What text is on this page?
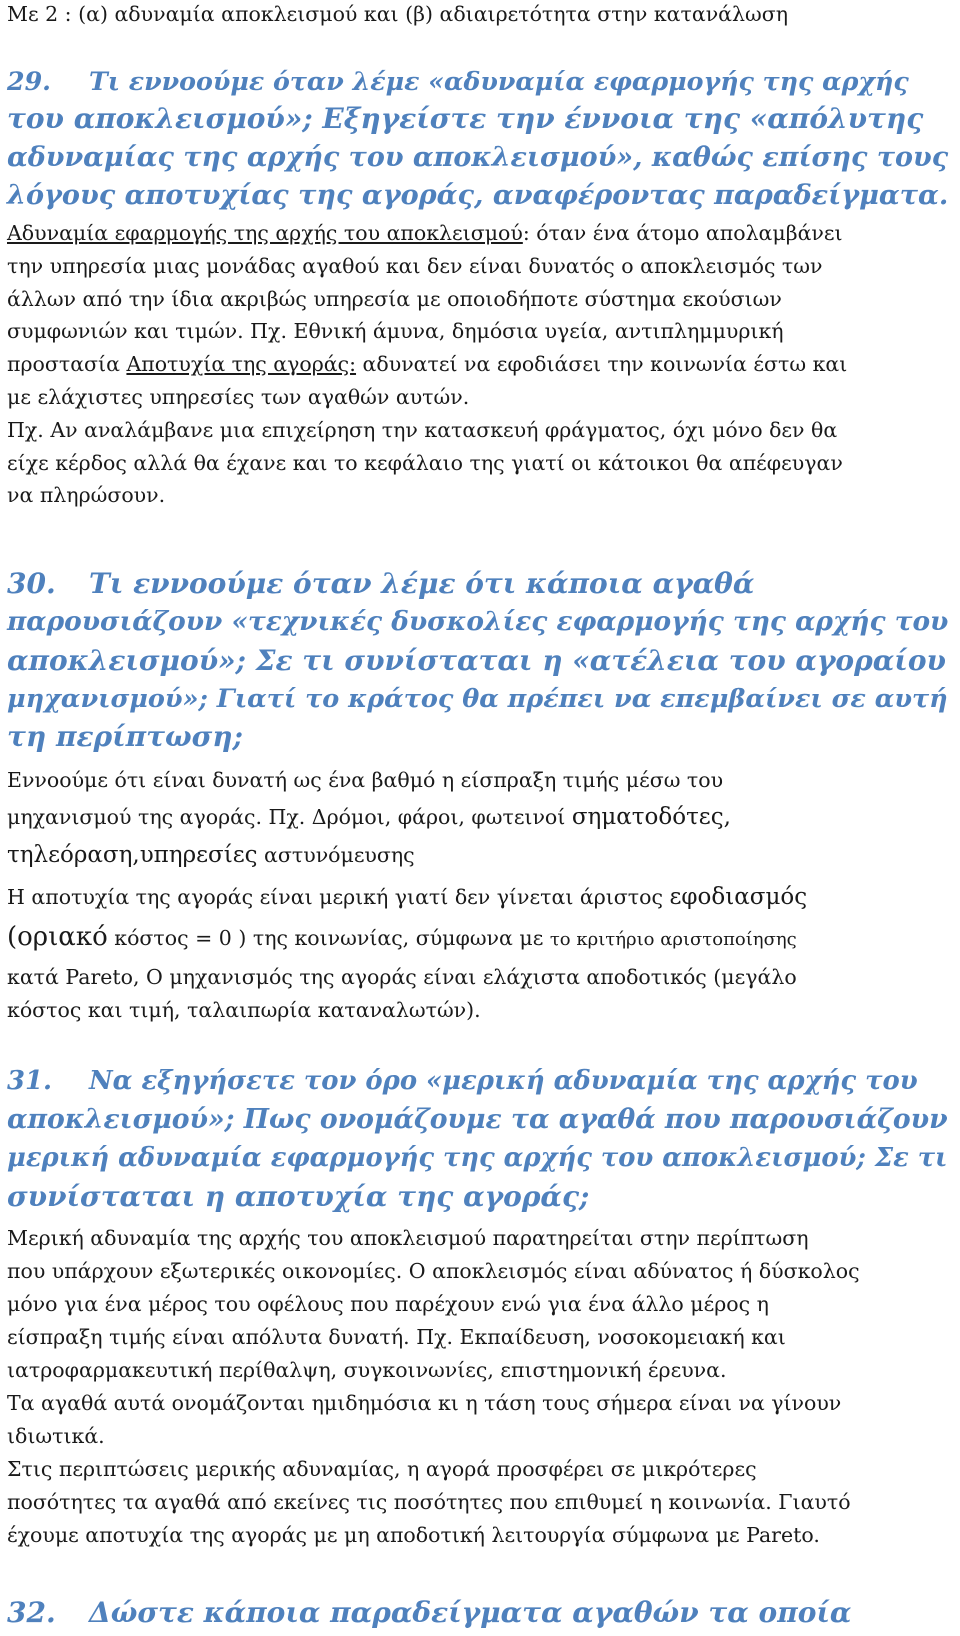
Με 2 : (α) αδυναμία αποκλεισμού και (β) αδιαιρετότητα στην κατανάλωση
29. Τι εννοούμε όταν λέμε «αδυναμία εφαρμογής της αρχής
του αποκλεισμού»; Εξηγείστε την έννοια της «απόλυτης
αδυναμίας της αρχής του αποκλεισμού», καθώς επίσης τους
λόγους αποτυχίας της αγοράς, αναφέροντας παραδείγματα.
Αδυναμία εφαρμογής της αρχής του αποκλεισμού: όταν ένα άτομο απολαμβάνει
την υπηρεσία μιας μονάδας αγαθού και δεν είναι δυνατός ο αποκλεισμός των
άλλων από την ίδια ακριβώς υπηρεσία με οποιοδήποτε σύστημα εκούσιων
συμφωνιών και τιμών. Πχ. Εθνική άμυνα, δημόσια υγεία, αντιπλημμυρική
προστασία Αποτυχία της αγοράς: αδυνατεί να εφοδιάσει την κοινωνία έστω και
με ελάχιστες υπηρεσίες των αγαθών αυτών.
Πχ. Αν αναλάμβανε μια επιχείρηση την κατασκευή φράγματος, όχι μόνο δεν θα
είχε κέρδος αλλά θα έχανε και το κεφάλαιο της γιατί οι κάτοικοι θα απέφευγαν
να πληρώσουν.
30. Τι εννοούμε όταν λέμε ότι κάποια αγαθά
παρουσιάζουν «τεχνικές δυσκολίες εφαρμογής της αρχής του
αποκλεισμού»; Σε τι συνίσταται η «ατέλεια του αγοραίου
μηχανισμού»; Γιατί το κράτος θα πρέπει να επεμβαίνει σε αυτή
τη περίπτωση;
Εννοούμε ότι είναι δυνατή ως ένα βαθμό η είσπραξη τιμής μέσω του
μηχανισμού της αγοράς. Πχ. Δρόμοι, φάροι, φωτεινοί σηματοδότες,
τηλεόραση,υπηρεσίες αστυνόμευσης
Η αποτυχία της αγοράς είναι μερική γιατί δεν γίνεται άριστος εφοδιασμός
(οριακό κόστος = 0 ) της κοινωνίας, σύμφωνα με το κριτήριο αριστοποίησης
κατά Pareto, Ο μηχανισμός της αγοράς είναι ελάχιστα αποδοτικός (μεγάλο
κόστος και τιμή, ταλαιπωρία καταναλωτών).
31. Να εξηγήσετε τον όρο «μερική αδυναμία της αρχής του
αποκλεισμού»; Πως ονομάζουμε τα αγαθά που παρουσιάζουν
μερική αδυναμία εφαρμογής της αρχής του αποκλεισμού; Σε τι
συνίσταται η αποτυχία της αγοράς;
Μερική αδυναμία της αρχής του αποκλεισμού παρατηρείται στην περίπτωση
που υπάρχουν εξωτερικές οικονομίες. Ο αποκλεισμός είναι αδύνατος ή δύσκολος
μόνο για ένα μέρος του οφέλους που παρέχουν ενώ για ένα άλλο μέρος η
είσπραξη τιμής είναι απόλυτα δυνατή. Πχ. Εκπαίδευση, νοσοκομειακή και
ιατροφαρμακευτική περίθαλψη, συγκοινωνίες, επιστημονική έρευνα.
Τα αγαθά αυτά ονομάζονται ημιδημόσια κι η τάση τους σήμερα είναι να γίνουν
ιδιωτικά.
Στις περιπτώσεις μερικής αδυναμίας, η αγορά προσφέρει σε μικρότερες
ποσότητες τα αγαθά από εκείνες τις ποσότητες που επιθυμεί η κοινωνία. Γιαυτό
έχουμε αποτυχία της αγοράς με μη αποδοτική λειτουργία σύμφωνα με Pareto.
32. Δώστε κάποια παραδείγματα αγαθών τα οποία
